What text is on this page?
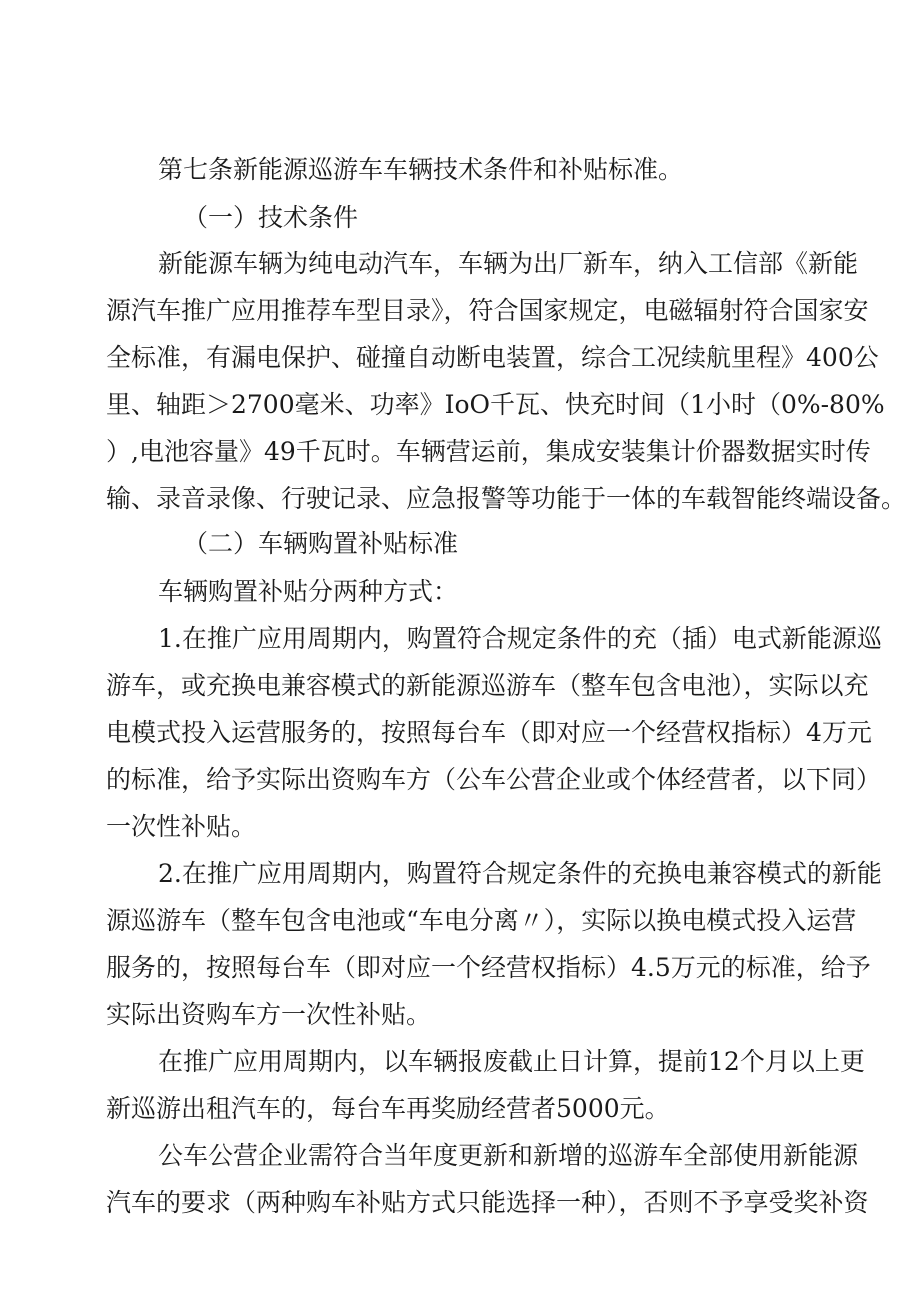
第七条新能源巡游车车辆技术条件和补贴标准。
（一）技术条件
新能源车辆为纯电动汽车，车辆为出厂新车，纳入工信部《新能
源汽车推广应用推荐车型目录》，符合国家规定，电磁辐射符合国家安
全标准，有漏电保护、碰撞自动断电装置，综合工况续航里程》400公
里、轴距＞2700毫米、功率》IoO千瓦、快充时间（1小时（0%-80%
）,电池容量》49千瓦时。车辆营运前，集成安装集计价器数据实时传
输、录音录像、行驶记录、应急报警等功能于一体的车载智能终端设备。
（二）车辆购置补贴标准
车辆购置补贴分两种方式：
1.在推广应用周期内，购置符合规定条件的充（插）电式新能源巡
游车，或充换电兼容模式的新能源巡游车（整车包含电池），实际以充
电模式投入运营服务的，按照每台车（即对应一个经营权指标）4万元
的标准，给予实际出资购车方（公车公营企业或个体经营者，以下同）
一次性补贴。
2.在推广应用周期内，购置符合规定条件的充换电兼容模式的新能
源巡游车（整车包含电池或“车电分离〃），实际以换电模式投入运营
服务的，按照每台车（即对应一个经营权指标）4.5万元的标准，给予
实际出资购车方一次性补贴。
在推广应用周期内，以车辆报废截止日计算，提前12个月以上更
新巡游出租汽车的，每台车再奖励经营者5000元。
公车公营企业需符合当年度更新和新增的巡游车全部使用新能源
汽车的要求（两种购车补贴方式只能选择一种），否则不予享受奖补资
